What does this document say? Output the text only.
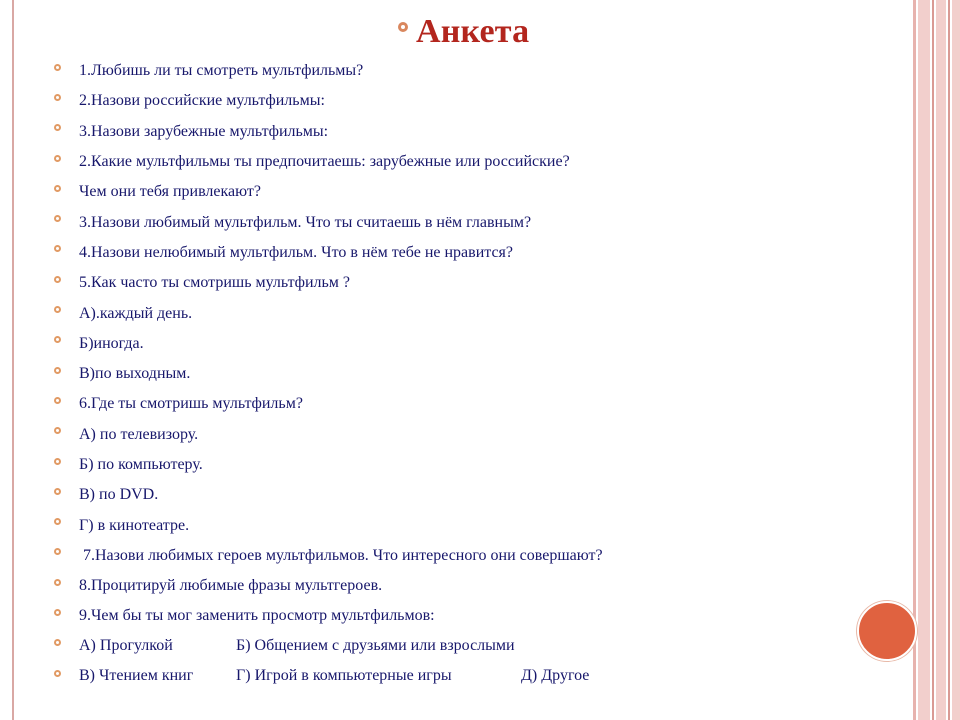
Анкета
1.Любишь ли ты смотреть мультфильмы?
2.Назови российские мультфильмы:
3.Назови зарубежные мультфильмы:
2.Какие мультфильмы ты предпочитаешь: зарубежные или российские?
Чем они тебя привлекают?
3.Назови любимый мультфильм. Что ты считаешь в нём главным?
4.Назови нелюбимый мультфильм. Что в нём тебе не нравится?
5.Как часто ты смотришь мультфильм ?
А).каждый день.
Б)иногда.
В)по выходным.
6.Где ты смотришь мультфильм?
А) по телевизору.
Б) по компьютеру.
В) по DVD.
Г) в кинотеатре.
7.Назови любимых героев мультфильмов. Что интересного они совершают?
8.Процитируй любимые фразы мультгероев.
9.Чем бы ты мог заменить просмотр мультфильмов:
А) Прогулкой	Б) Общением с друзьями или взрослыми
В) Чтением книг	Г) Игрой в компьютерные игры	Д) Другое
